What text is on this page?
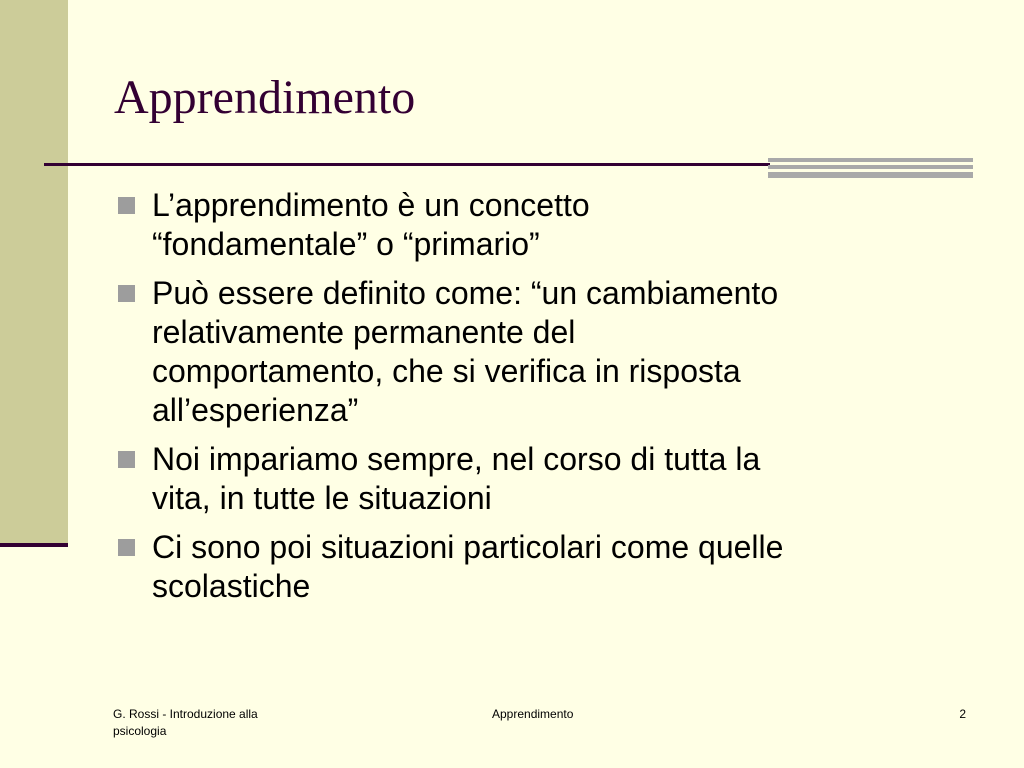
Apprendimento
L’apprendimento è un concetto
“fondamentale” o “primario”
Può essere definito come: “un cambiamento
relativamente permanente del
comportamento, che si verifica in risposta
all’esperienza”
Noi impariamo sempre, nel corso di tutta la
vita, in tutte le situazioni
Ci sono poi situazioni particolari come quelle
scolastiche
G. Rossi - Introduzione alla
psicologia
Apprendimento	2
